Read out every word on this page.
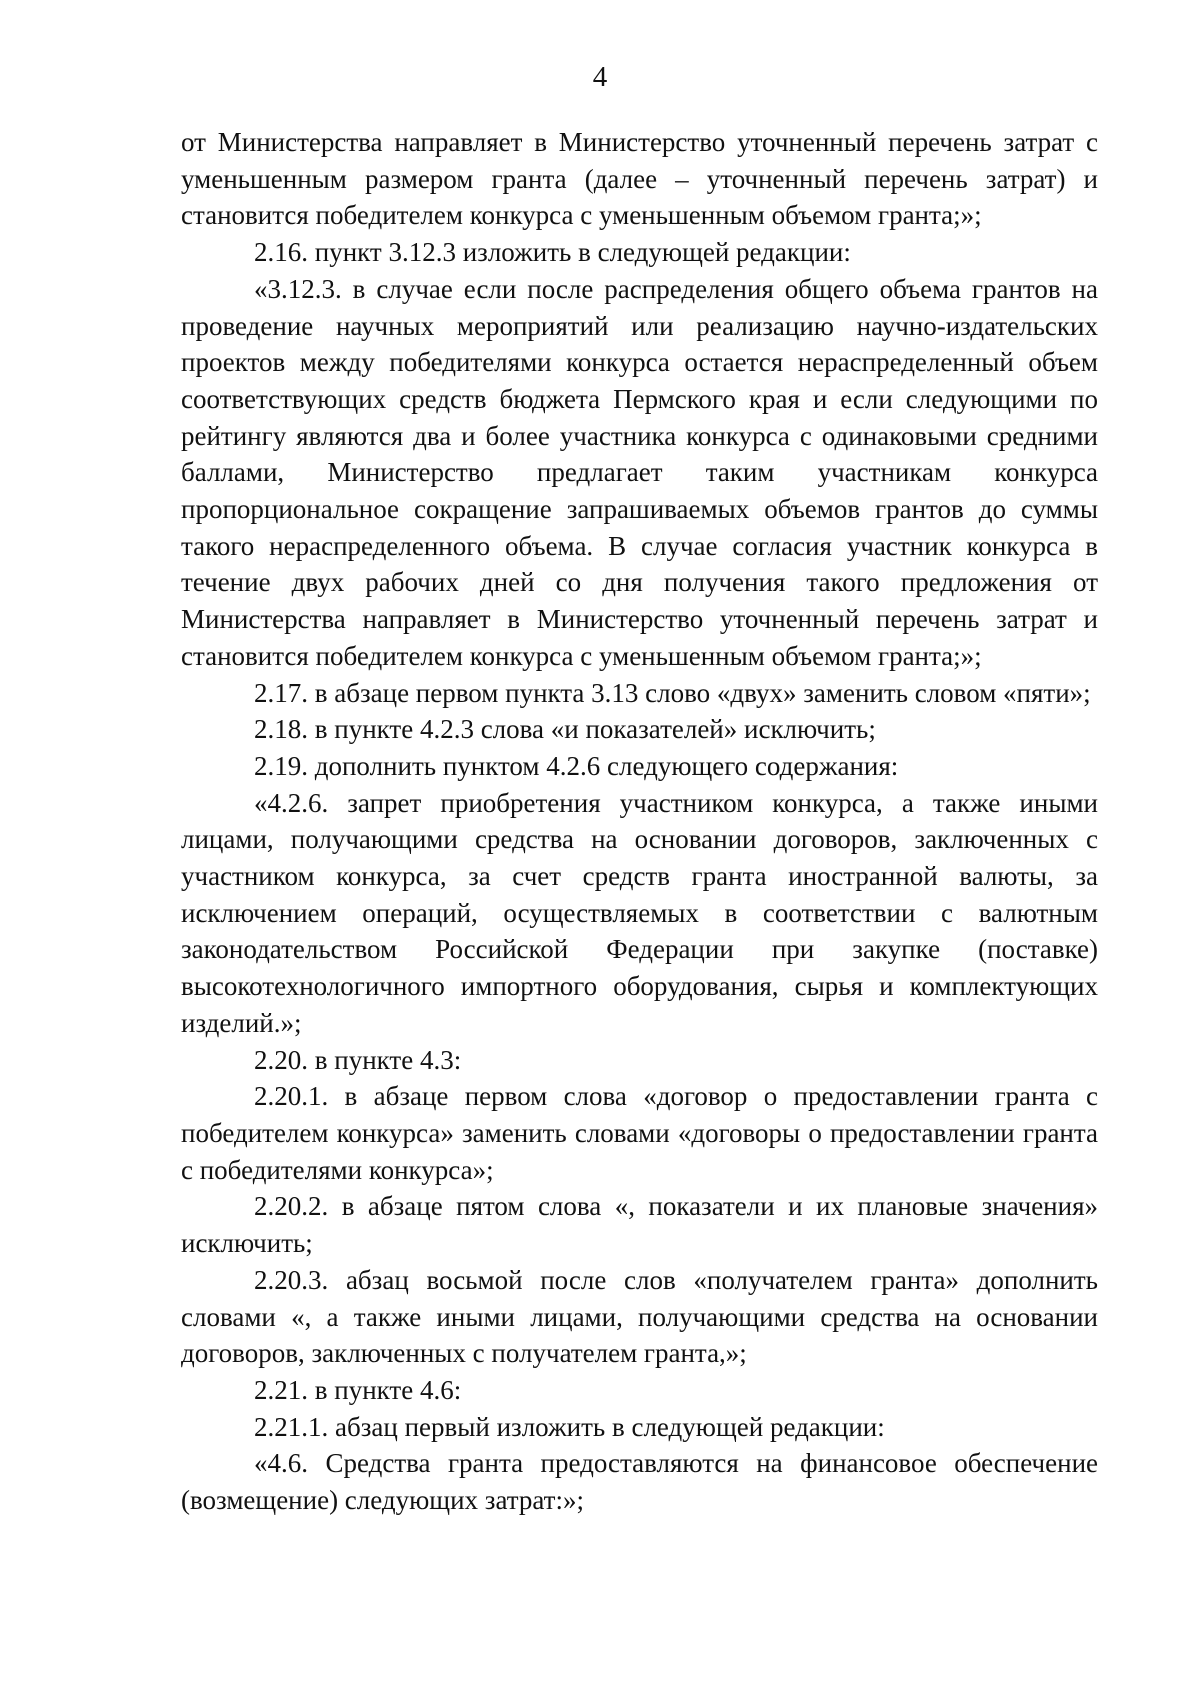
4

от Министерства направляет в Министерство уточненный перечень затрат с уменьшенным размером гранта (далее – уточненный перечень затрат) и становится победителем конкурса с уменьшенным объемом гранта;»;

2.16. пункт 3.12.3 изложить в следующей редакции:

«3.12.3. в случае если после распределения общего объема грантов на проведение научных мероприятий или реализацию научно-издательских проектов между победителями конкурса остается нераспределенный объем соответствующих средств бюджета Пермского края и если следующими по рейтингу являются два и более участника конкурса с одинаковыми средними баллами, Министерство предлагает таким участникам конкурса пропорциональное сокращение запрашиваемых объемов грантов до суммы такого нераспределенного объема. В случае согласия участник конкурса в течение двух рабочих дней со дня получения такого предложения от Министерства направляет в Министерство уточненный перечень затрат и становится победителем конкурса с уменьшенным объемом гранта;»;

2.17. в абзаце первом пункта 3.13 слово «двух» заменить словом «пяти»;

2.18. в пункте 4.2.3 слова «и показателей» исключить;

2.19. дополнить пунктом 4.2.6 следующего содержания:

«4.2.6. запрет приобретения участником конкурса, а также иными лицами, получающими средства на основании договоров, заключенных с участником конкурса, за счет средств гранта иностранной валюты, за исключением операций, осуществляемых в соответствии с валютным законодательством Российской Федерации при закупке (поставке) высокотехнологичного импортного оборудования, сырья и комплектующих изделий.»;

2.20. в пункте 4.3:

2.20.1. в абзаце первом слова «договор о предоставлении гранта с победителем конкурса» заменить словами «договоры о предоставлении гранта с победителями конкурса»;

2.20.2. в абзаце пятом слова «, показатели и их плановые значения» исключить;

2.20.3. абзац восьмой после слов «получателем гранта» дополнить словами «, а также иными лицами, получающими средства на основании договоров, заключенных с получателем гранта,»;

2.21. в пункте 4.6:

2.21.1. абзац первый изложить в следующей редакции:

«4.6. Средства гранта предоставляются на финансовое обеспечение (возмещение) следующих затрат:»;
